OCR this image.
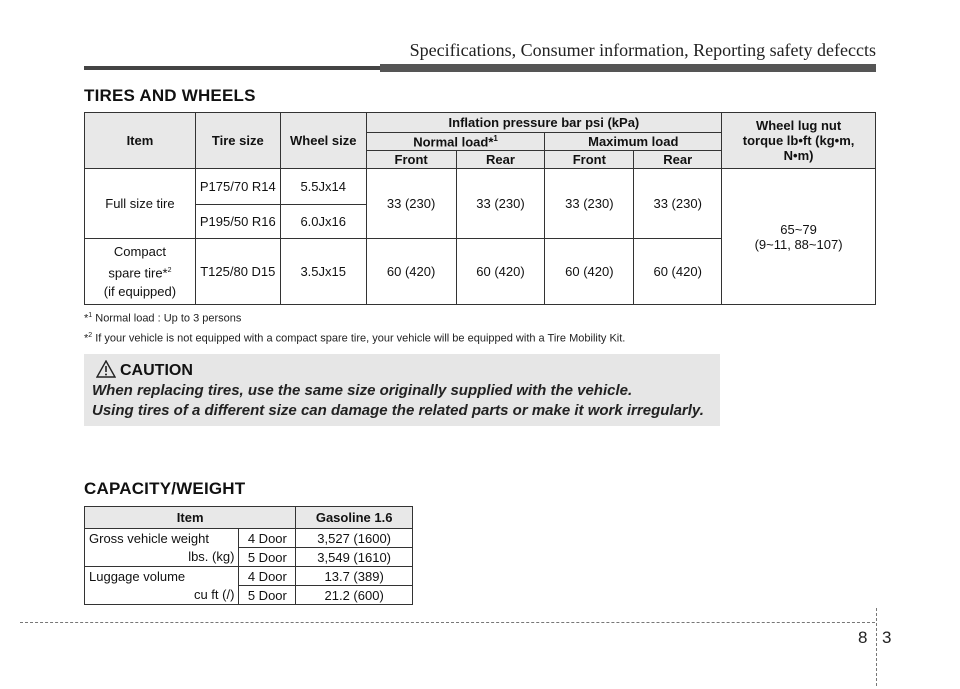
Specifications, Consumer information, Reporting safety defeccts
TIRES AND WHEELS
Item	Tire size	Wheel size	Inflation pressure bar psi (kPa)				Wheel lug nut torque lb•ft (kg•m, N•m)
			Normal load*$^1$		Maximum load		
			Front	Rear	Front	Rear	
Full size tire	P175/70 R14	5.5Jx14	33 (230)	33 (230)	33 (230)	33 (230)	65~79
(9~11, 88~107)

	P195/50 R16	6.0Jx16					

Compact
spare tire*$^2$
(if equipped)	T125/80 D15	3.5Jx15	60 (420)	60 (420)	60 (420)	60 (420)	
*$^1$ Normal load : Up to 3 persons
*$^2$ If your vehicle is not equipped with a compact spare tire, your vehicle will be equipped with a Tire Mobility Kit.
CAUTION
When replacing tires, use the same size originally supplied with the vehicle.
Using tires of a different size can damage the related parts or make it work irregularly.
CAPACITY/WEIGHT
Item		Gasoline 1.6

Gross vehicle weight
lbs. (kg)	4 Door	3,527 (1600)
	5 Door	3,549 (1610)

Luggage volume
cu ft (/)	4 Door	13.7 (389)
	5 Door	21.2 (600)
8 3
